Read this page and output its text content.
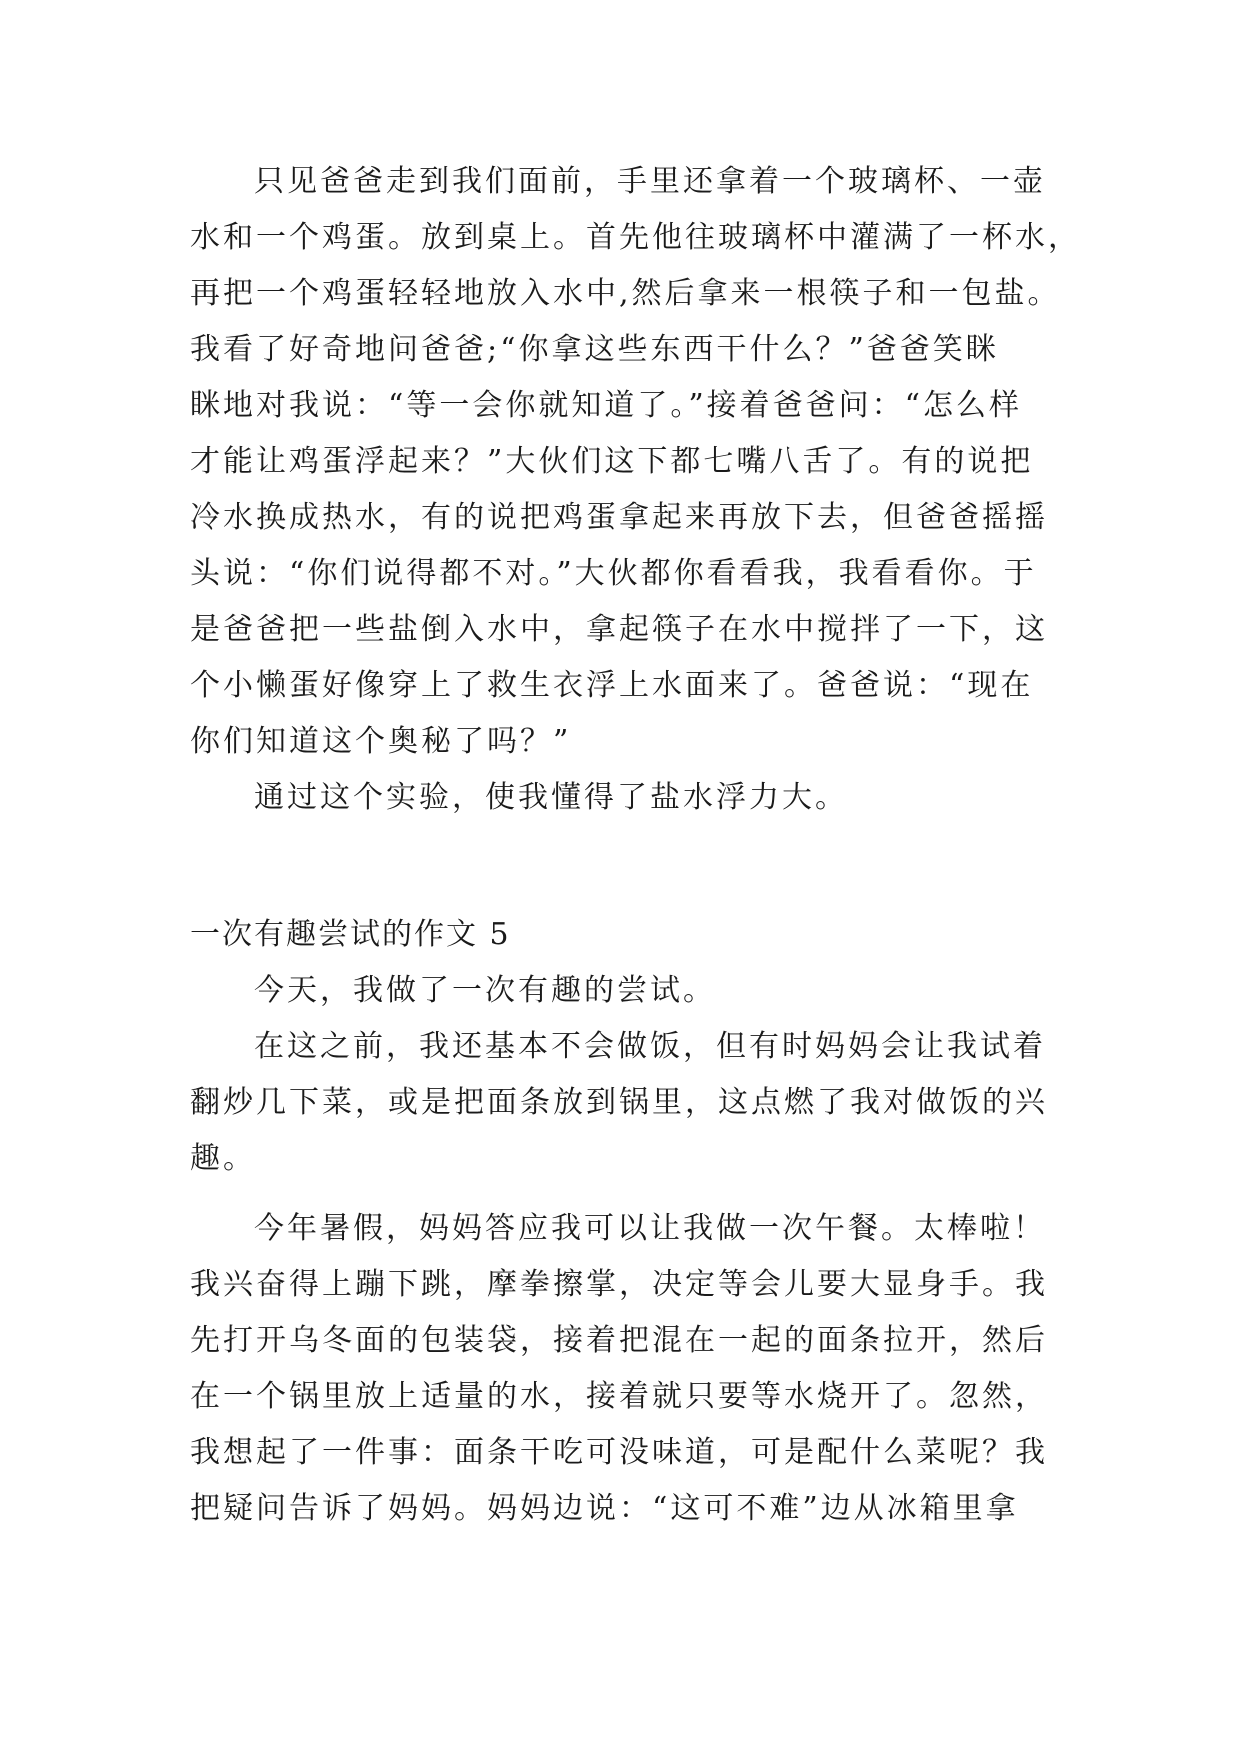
只见爸爸走到我们面前，手里还拿着一个玻璃杯、一壶
水和一个鸡蛋。放到桌上。首先他往玻璃杯中灌满了一杯水，
再把一个鸡蛋轻轻地放入水中,然后拿来一根筷子和一包盐。
我看了好奇地问爸爸;“你拿这些东西干什么？”爸爸笑眯
眯地对我说：“等一会你就知道了。”接着爸爸问：“怎么样
才能让鸡蛋浮起来？”大伙们这下都七嘴八舌了。有的说把
冷水换成热水，有的说把鸡蛋拿起来再放下去，但爸爸摇摇
头说：“你们说得都不对。”大伙都你看看我，我看看你。于
是爸爸把一些盐倒入水中，拿起筷子在水中搅拌了一下，这
个小懒蛋好像穿上了救生衣浮上水面来了。爸爸说：“现在
你们知道这个奥秘了吗？”
通过这个实验，使我懂得了盐水浮力大。
一次有趣尝试的作文 5
今天，我做了一次有趣的尝试。
在这之前，我还基本不会做饭，但有时妈妈会让我试着
翻炒几下菜，或是把面条放到锅里，这点燃了我对做饭的兴
趣。
今年暑假，妈妈答应我可以让我做一次午餐。太棒啦！
我兴奋得上蹦下跳，摩拳擦掌，决定等会儿要大显身手。我
先打开乌冬面的包装袋，接着把混在一起的面条拉开，然后
在一个锅里放上适量的水，接着就只要等水烧开了。忽然，
我想起了一件事：面条干吃可没味道，可是配什么菜呢？我
把疑问告诉了妈妈。妈妈边说：“这可不难”边从冰箱里拿
